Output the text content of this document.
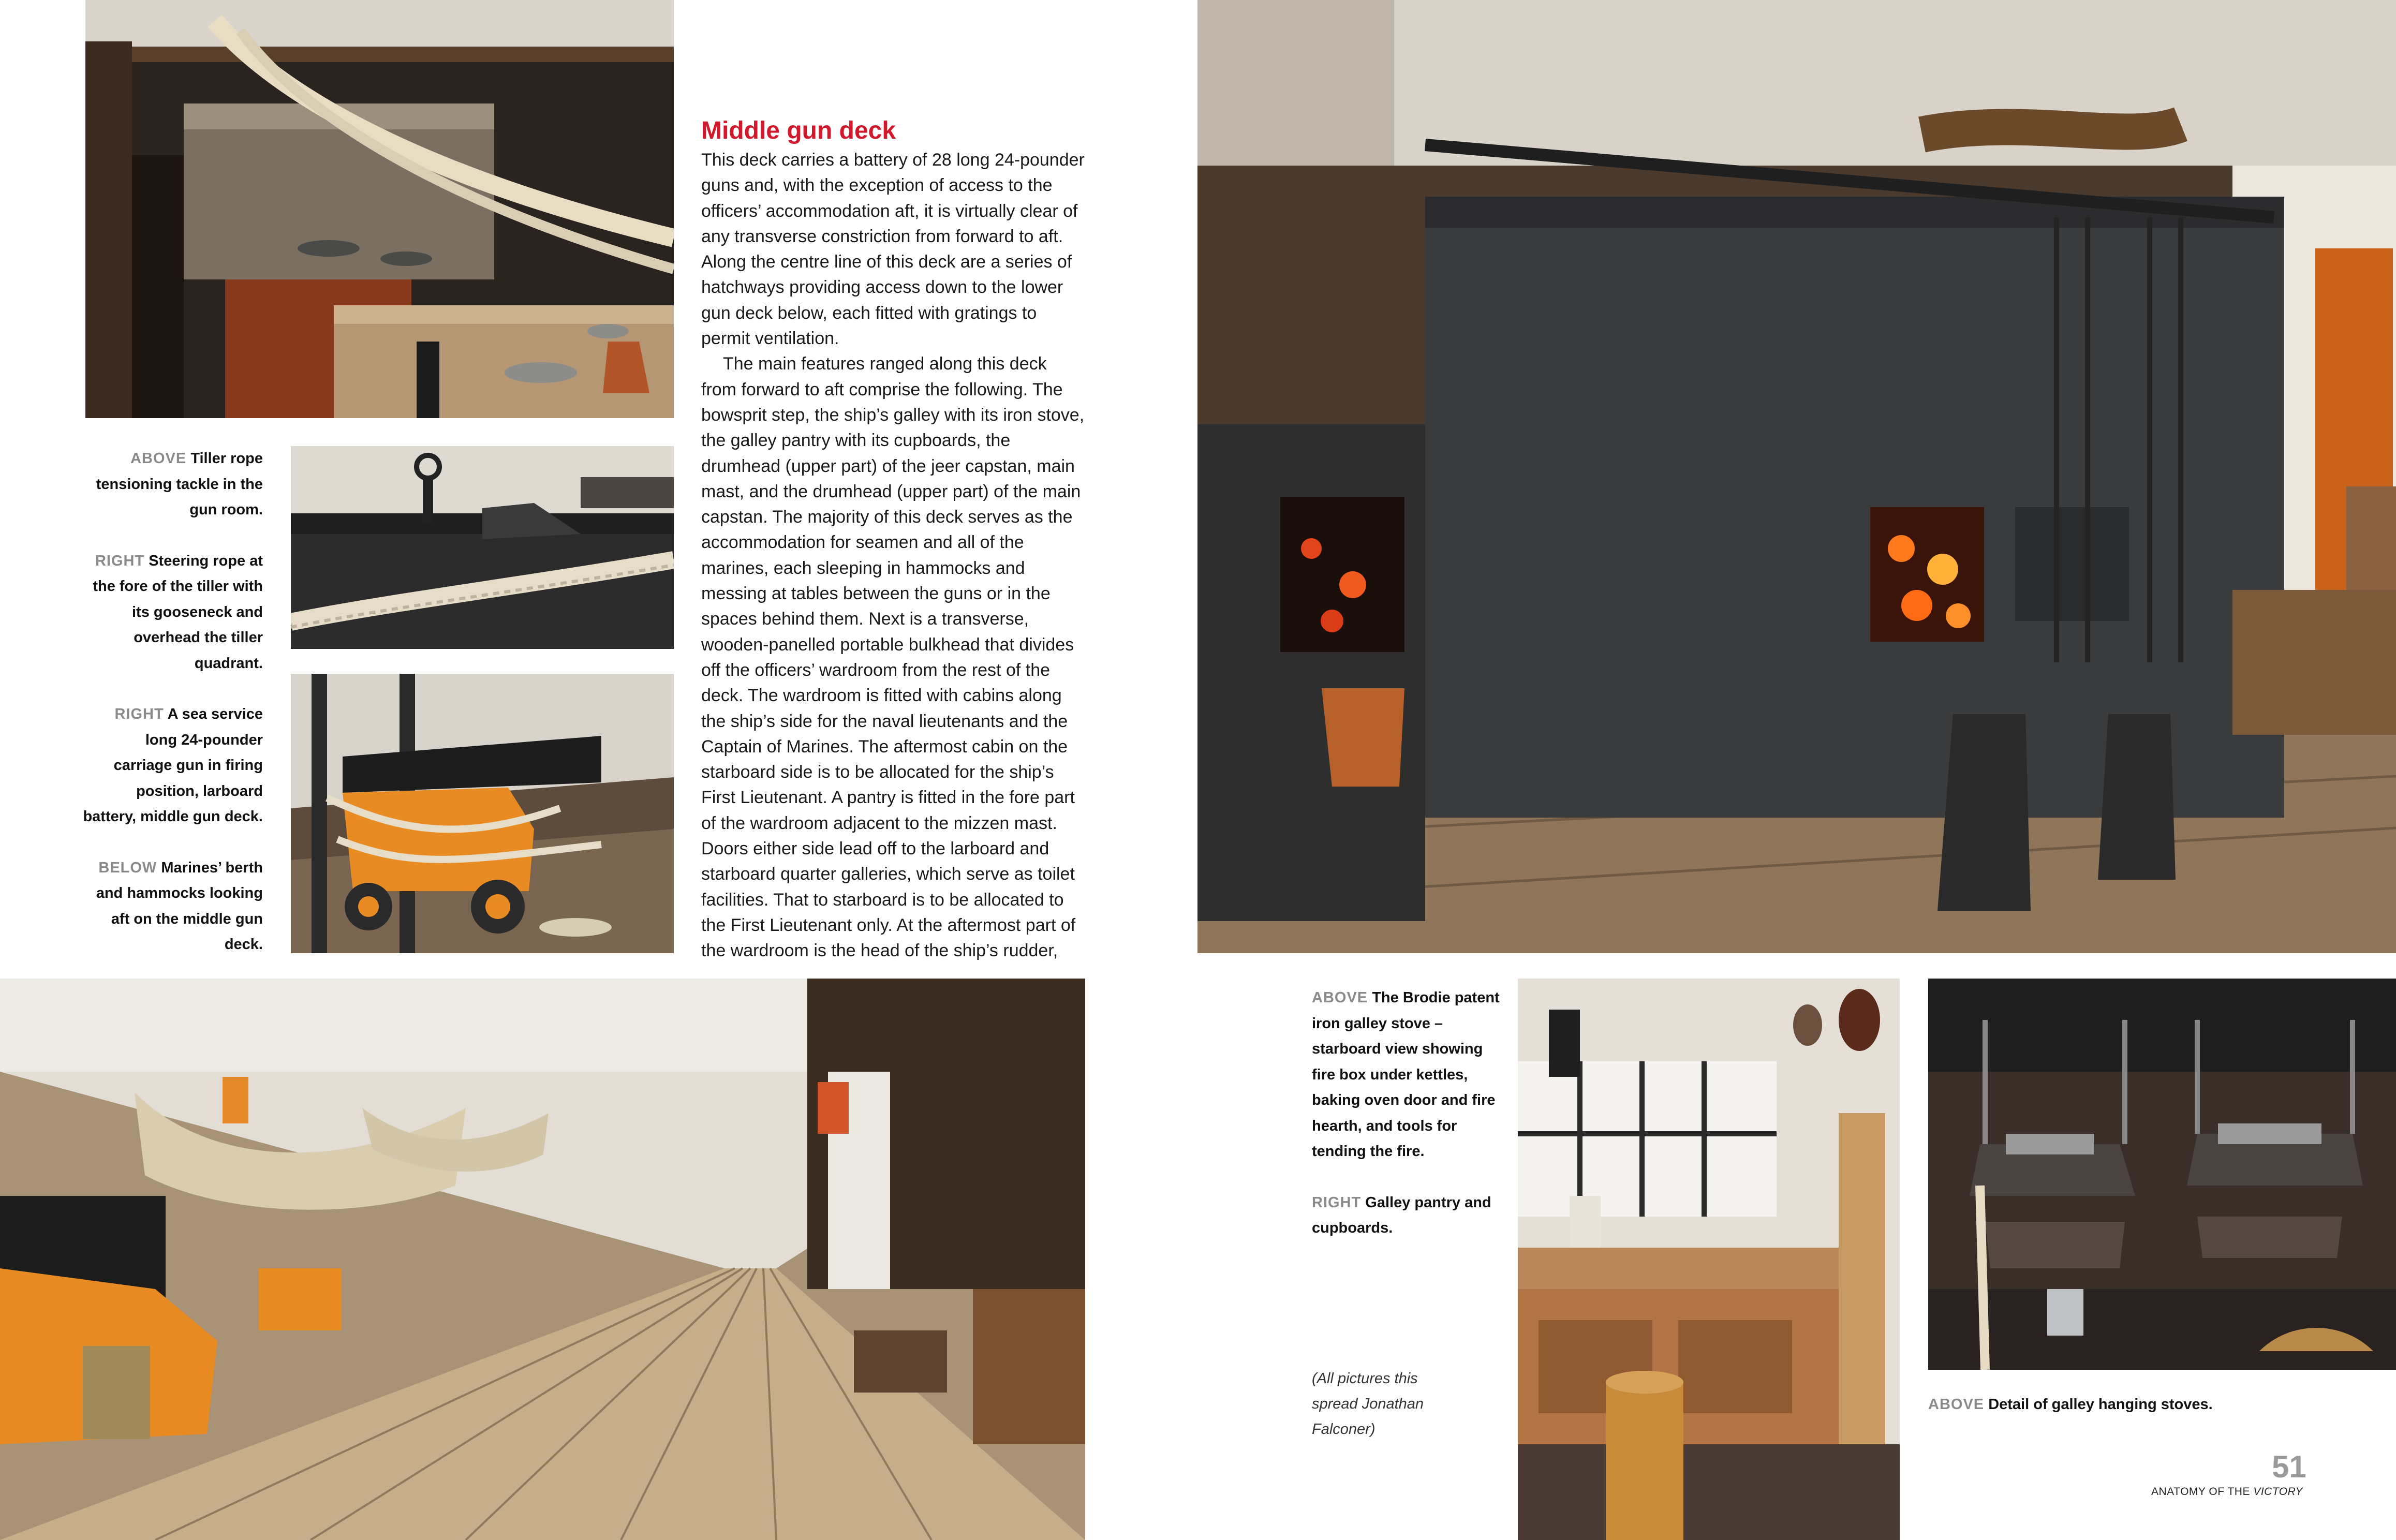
ABOVE Tiller rope tensioning tackle in the gun room.

RIGHT Steering rope at the fore of the tiller with its gooseneck and overhead the tiller quadrant.

RIGHT A sea service long 24-pounder carriage gun in firing position, larboard battery, middle gun deck.

BELOW Marines’ berth and hammocks looking aft on the middle gun deck.

Middle gun deck

This deck carries a battery of 28 long 24-pounder guns and, with the exception of access to the officers’ accommodation aft, it is virtually clear of any transverse constriction from forward to aft. Along the centre line of this deck are a series of hatchways providing access down to the lower gun deck below, each fitted with gratings to permit ventilation.

The main features ranged along this deck from forward to aft comprise the following. The bowsprit step, the ship’s galley with its iron stove, the galley pantry with its cupboards, the drumhead (upper part) of the jeer capstan, main mast, and the drumhead (upper part) of the main capstan. The majority of this deck serves as the accommodation for seamen and all of the marines, each sleeping in hammocks and messing at tables between the guns or in the spaces behind them. Next is a transverse, wooden-panelled portable bulkhead that divides off the officers’ wardroom from the rest of the deck. The wardroom is fitted with cabins along the ship’s side for the naval lieutenants and the Captain of Marines. The aftermost cabin on the starboard side is to be allocated for the ship’s First Lieutenant. A pantry is fitted in the fore part of the wardroom adjacent to the mizzen mast. Doors either side lead off to the larboard and starboard quarter galleries, which serve as toilet facilities. That to starboard is to be allocated to the First Lieutenant only. At the aftermost part of the wardroom is the head of the ship’s rudder,

ABOVE The Brodie patent iron galley stove – starboard view showing fire box under kettles, baking oven door and fire hearth, and tools for tending the fire.

RIGHT Galley pantry and cupboards.

(All pictures this spread Jonathan Falconer)
ABOVE Detail of galley hanging stoves.
51
ANATOMY OF THE VICTORY
